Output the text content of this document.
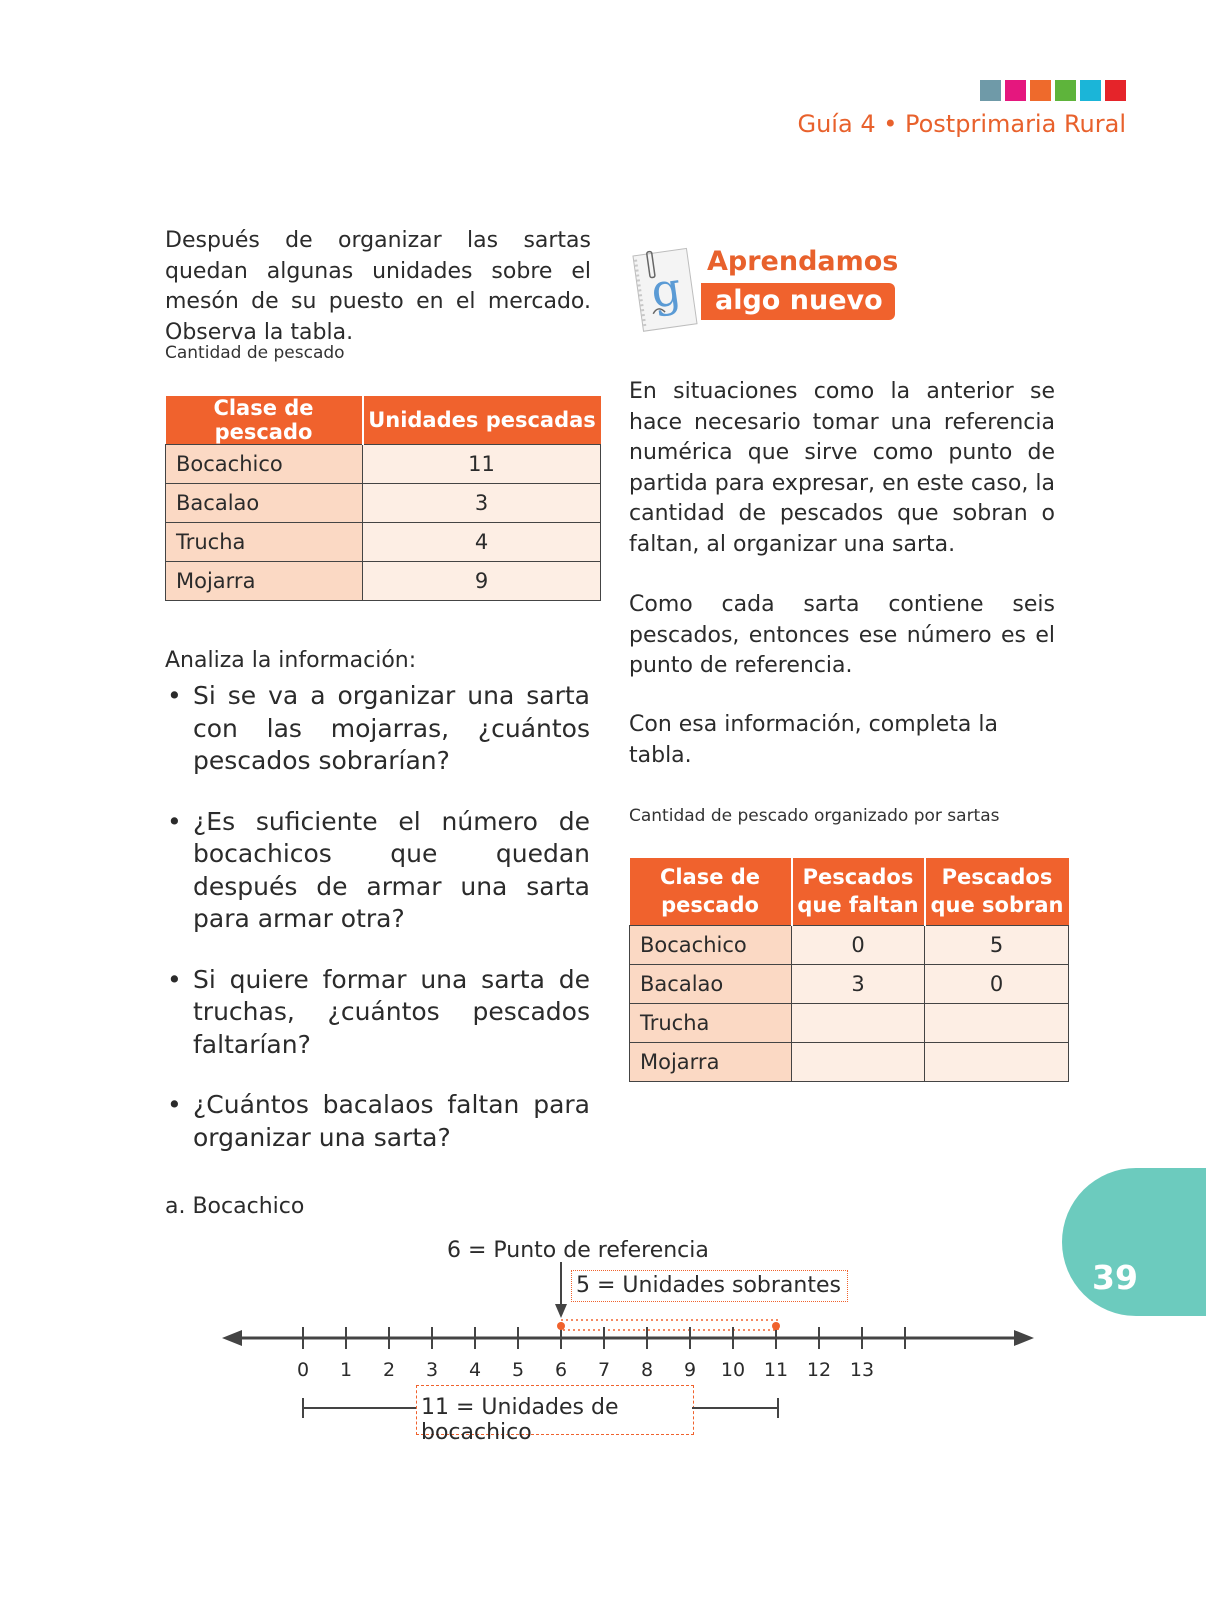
Guía 4 • Postprimaria Rural

Después de organizar las sartas quedan algunas unidades sobre el mesón de su puesto en el mercado. Observa la tabla.

Cantidad de pescado
Clase de pescado	Unidades pescadas
Bocachico	11
Bacalao	3
Trucha	4
Mojarra	9
Analiza la información:
• Si se va a organizar una sarta con las mojarras, ¿cuántos pescados sobrarían?
• ¿Es suficiente el número de bocachicos que quedan después de armar una sarta para armar otra?
• Si quiere formar una sarta de truchas, ¿cuántos pescados faltarían?
• ¿Cuántos bacalaos faltan para organizar una sarta?
g Aprendamos
algo nuevo

En situaciones como la anterior se hace necesario tomar una referencia numérica que sirve como punto de partida para expresar, en este caso, la cantidad de pescados que sobran o faltan, al organizar una sarta.

Como cada sarta contiene seis pescados, entonces ese número es el punto de referencia.

Con esa información, completa la tabla.

Cantidad de pescado organizado por sartas
Clase de pescado	Pescados que faltan	Pescados que sobran
Bocachico	0	5
Bacalao	3	0
Trucha		
Mojarra		
a. Bocachico
6 = Punto de referencia
5 = Unidades sobrantes
11 = Unidades de bocachico
0 1 2 3 4 5 6 7 8 9 10 11 12 13
39
